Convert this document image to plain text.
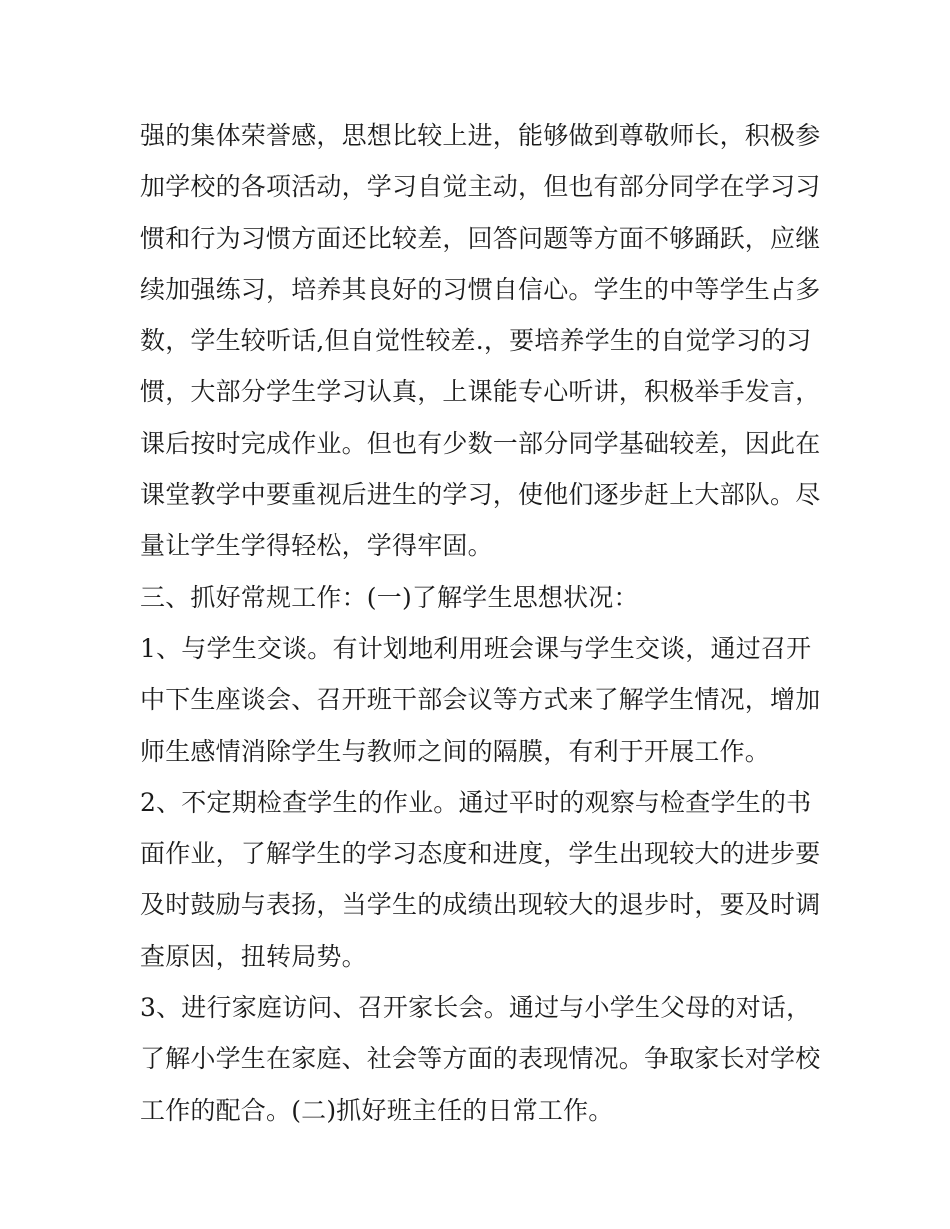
强的集体荣誉感，思想比较上进，能够做到尊敬师长，积极参
加学校的各项活动，学习自觉主动，但也有部分同学在学习习
惯和行为习惯方面还比较差，回答问题等方面不够踊跃，应继
续加强练习，培养其良好的习惯自信心。学生的中等学生占多
数，学生较听话,但自觉性较差.，要培养学生的自觉学习的习
惯，大部分学生学习认真，上课能专心听讲，积极举手发言，
课后按时完成作业。但也有少数一部分同学基础较差，因此在
课堂教学中要重视后进生的学习，使他们逐步赶上大部队。尽
量让学生学得轻松，学得牢固。
三、抓好常规工作：(一)了解学生思想状况：
1、与学生交谈。有计划地利用班会课与学生交谈，通过召开
中下生座谈会、召开班干部会议等方式来了解学生情况，增加
师生感情消除学生与教师之间的隔膜，有利于开展工作。
2、不定期检查学生的作业。通过平时的观察与检查学生的书
面作业，了解学生的学习态度和进度，学生出现较大的进步要
及时鼓励与表扬，当学生的成绩出现较大的退步时，要及时调
查原因，扭转局势。
3、进行家庭访问、召开家长会。通过与小学生父母的对话，
了解小学生在家庭、社会等方面的表现情况。争取家长对学校
工作的配合。(二)抓好班主任的日常工作。
